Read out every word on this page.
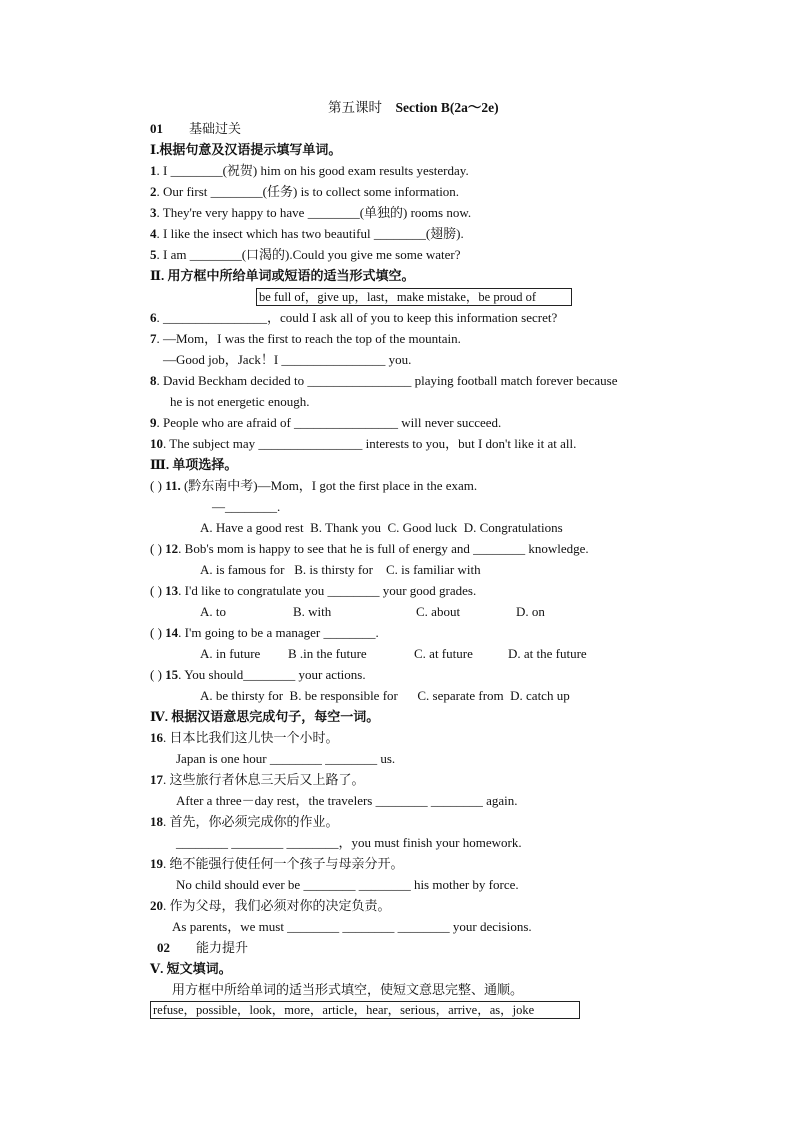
第五课时 Section B(2a～2e)
01 基础过关
Ⅰ.根据句意及汉语提示填写单词。
1. I ________(祝贺) him on his good exam results yesterday.
2. Our first ________(任务) is to collect some information.
3. They're very happy to have ________(单独的) rooms now.
4. I like the insect which has two beautiful ________(翅膀).
5. I am ________(口渴的).Could you give me some water?
Ⅱ. 用方框中所给单词或短语的适当形式填空。
be full of，give up，last，make mistake，be proud of
6. ________________，could I ask all of you to keep this information secret?
7. —Mom，I was the first to reach the top of the mountain.
—Good job，Jack！I ________________ you.
8. David Beckham decided to ________________ playing football match forever because
he is not energetic enough.
9. People who are afraid of ________________ will never succeed.
10. The subject may ________________ interests to you，but I don't like it at all.
Ⅲ. 单项选择。
( ) 11. (黔东南中考)—Mom，I got the first place in the exam.
—________.
A. Have a good rest B. Thank you C. Good luck D. Congratulations
( ) 12. Bob's mom is happy to see that he is full of energy and ________ knowledge.
A. is famous for B. is thirsty for C. is familiar with
( ) 13. I'd like to congratulate you ________ your good grades.
A. to	B. with	C. about	D. on
( ) 14. I'm going to be a manager ________.
A. in future B .in the future	C. at future	D. at the future
( ) 15. You should________ your actions.
A. be thirsty for B. be responsible for C. separate from D. catch up
Ⅳ. 根据汉语意思完成句子，每空一词。
16. 日本比我们这儿快一个小时。
Japan is one hour ________ ________ us.
17. 这些旅行者休息三天后又上路了。
After a three－day rest，the travelers ________ ________ again.
18. 首先，你必须完成你的作业。
________ ________ ________，you must finish your homework.
19. 绝不能强行使任何一个孩子与母亲分开。
No child should ever be ________ ________ his mother by force.
20. 作为父母，我们必须对你的决定负责。
As parents，we must ________ ________ ________ your decisions.
02 能力提升
Ⅴ. 短文填词。
用方框中所给单词的适当形式填空，使短文意思完整、通顺。
refuse，possible，look，more，article，hear，serious，arrive，as，joke
